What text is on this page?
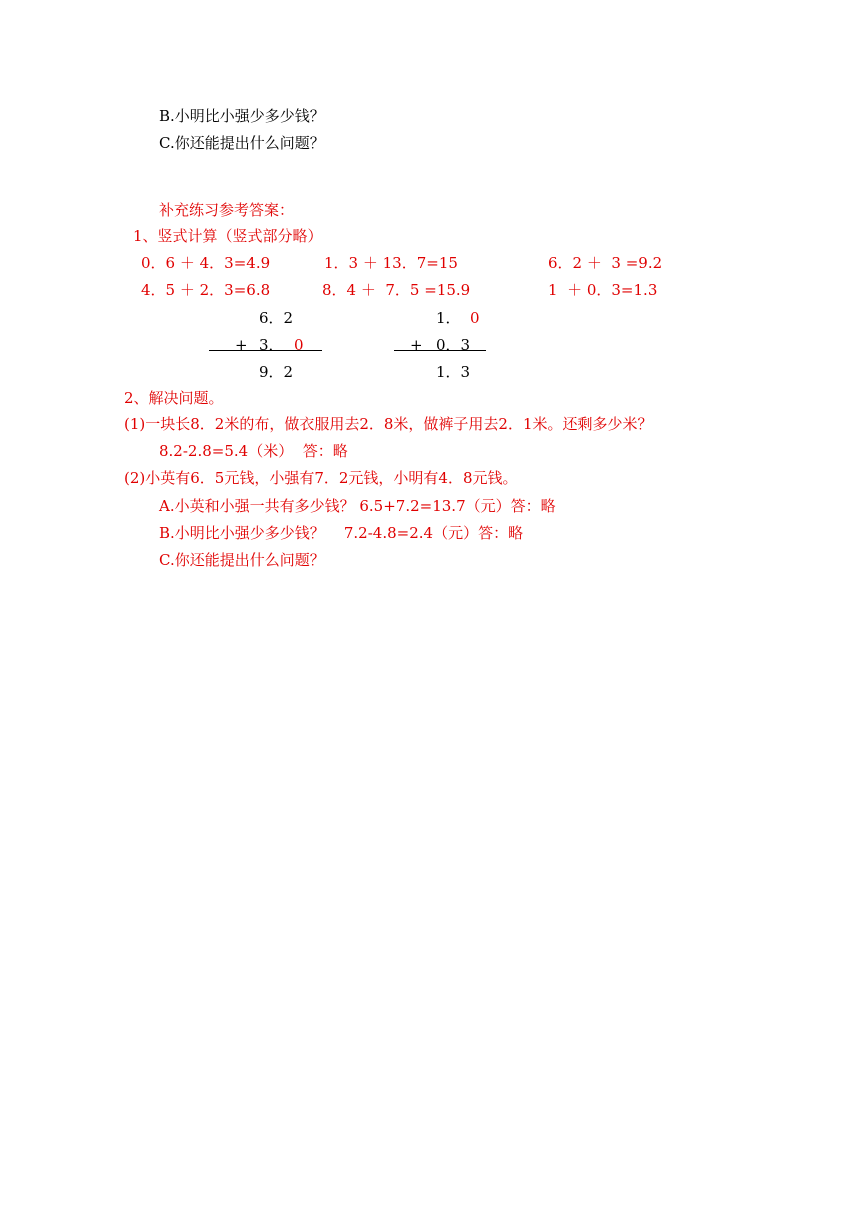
B.小明比小强少多少钱？
C.你还能提出什么问题？
补充练习参考答案：
1、竖式计算（竖式部分略）
0．6 ＋ 4．3=4.9	1．3 ＋ 13．7=15	6．2 ＋  3 =9.2
4．5 ＋ 2．3=6.8	8．4 ＋  7．5 =15.9	1  ＋ 0．3=1.3
6．2
+ 3． 0
9．2
1． 0
+ 0．3
1．3
2、解决问题。
(1)一块长8．2米的布，做衣服用去2．8米，做裤子用去2．1米。还剩多少米？
8.2-2.8=5.4（米）  答：略
(2)小英有6．5元钱，小强有7．2元钱，小明有4．8元钱。
A.小英和小强一共有多少钱？ 6.5+7.2=13.7（元）答：略
B.小明比小强少多少钱？    7.2-4.8=2.4（元）答：略
C.你还能提出什么问题？
